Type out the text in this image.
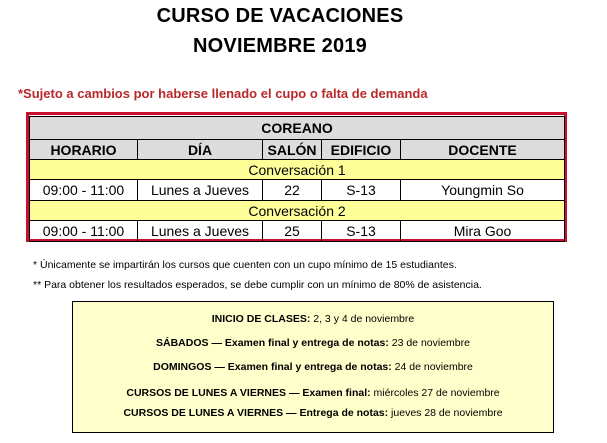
CURSO DE VACACIONES
NOVIEMBRE 2019
*Sujeto a cambios por haberse llenado el cupo o falta de demanda
COREANO				
HORARIO	DÍA	SALÓN	EDIFICIO	DOCENTE
Conversación 1				
09:00 - 11:00	Lunes a Jueves	22	S-13	Youngmin So
Conversación 2				
09:00 - 11:00	Lunes a Jueves	25	S-13	Mira Goo
* Únicamente se impartirán los cursos que cuenten con un cupo mínimo de 15 estudiantes.
** Para obtener los resultados esperados, se debe cumplir con un mínimo de 80% de asistencia.
INICIO DE CLASES: 2, 3 y 4 de noviembre
SÁBADOS — Examen final y entrega de notas: 23 de noviembre
DOMINGOS — Examen final y entrega de notas: 24 de noviembre
CURSOS DE LUNES A VIERNES — Examen final: miércoles 27 de noviembre
CURSOS DE LUNES A VIERNES — Entrega de notas: jueves 28 de noviembre
